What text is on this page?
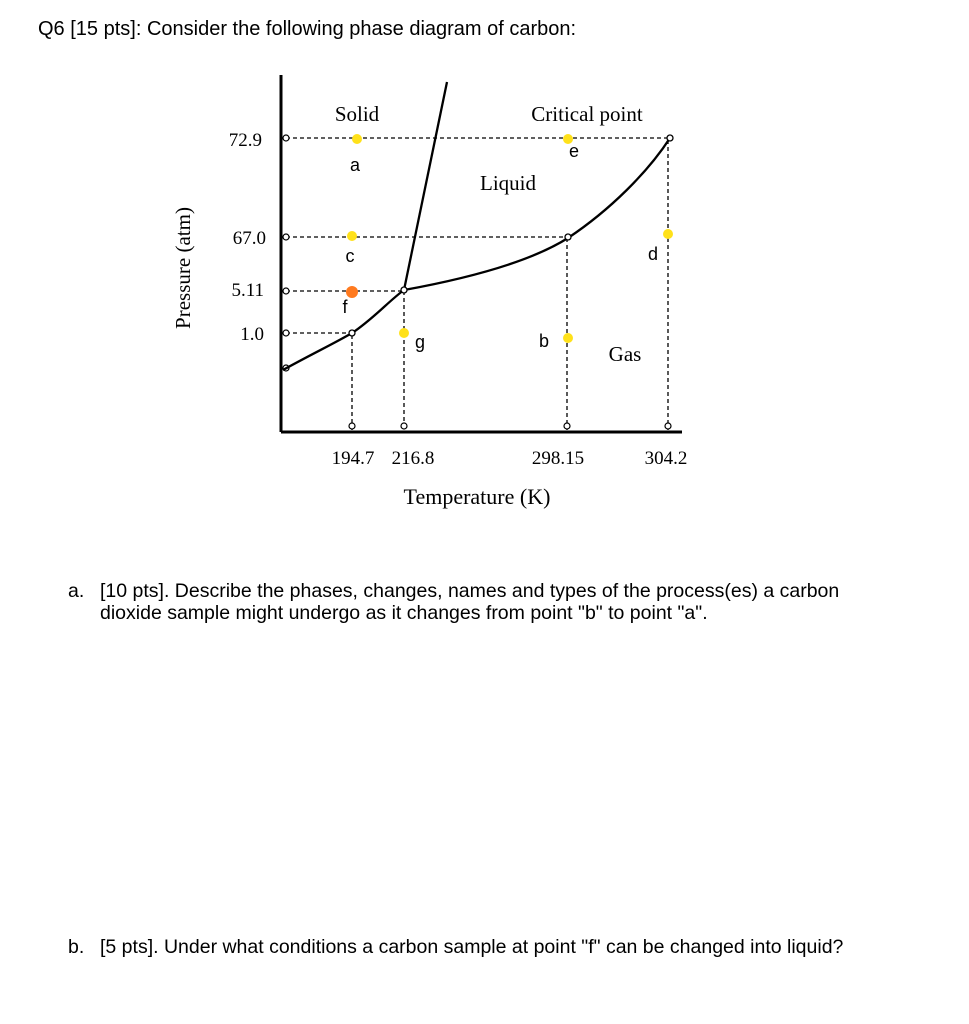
Q6 [15 pts]: Consider the following phase diagram of carbon:
a
c
f
g
e
b
d
Solid	Critical point
Liquid
Gas
72.9
67.0
5.11
1.0
Pressure (atm)
194.7 216.8	298.15	304.2
Temperature (K)
a. [10 pts]. Describe the phases, changes, names and types of the process(es) a carbon dioxide sample might undergo as it changes from point "b" to point "a".
b. [5 pts]. Under what conditions a carbon sample at point "f" can be changed into liquid?
